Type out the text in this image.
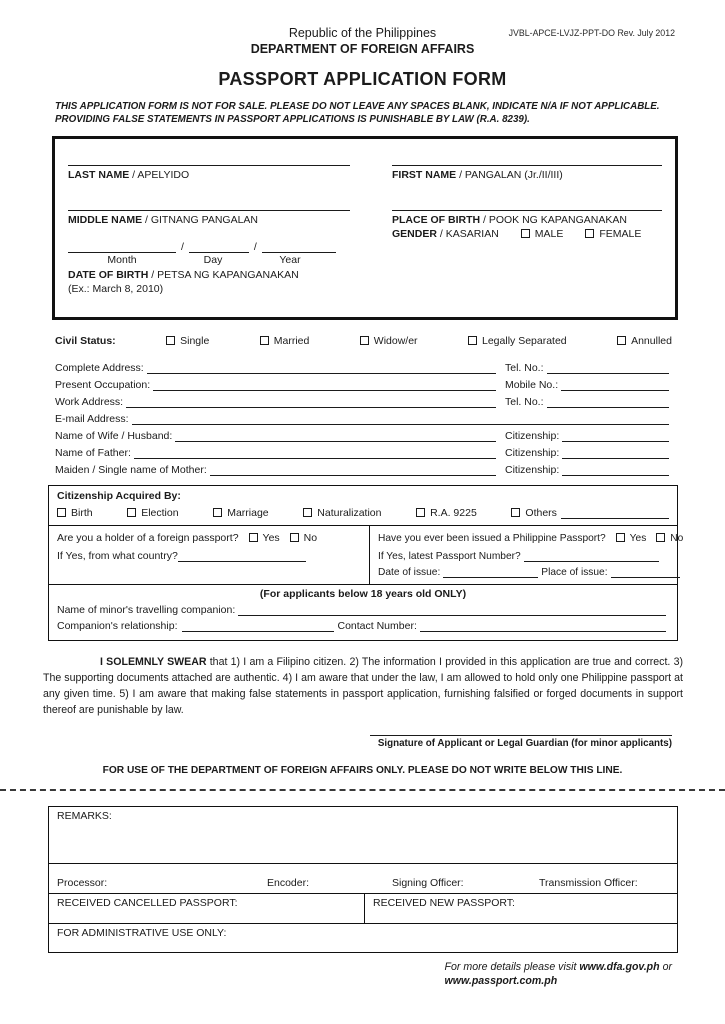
Republic of the Philippines	JVBL-APCE-LVJZ-PPT-DO Rev. July 2012
DEPARTMENT OF FOREIGN AFFAIRS
PASSPORT APPLICATION FORM
THIS APPLICATION FORM IS NOT FOR SALE. PLEASE DO NOT LEAVE ANY SPACES BLANK, INDICATE N/A IF NOT APPLICABLE. PROVIDING FALSE STATEMENTS IN PASSPORT APPLICATIONS IS PUNISHABLE BY LAW (R.A. 8239).
LAST NAME / APELYIDO
MIDDLE NAME / GITNANG PANGALAN
/	/
Month	Day	Year
DATE OF BIRTH / PETSA NG KAPANGANAKAN
(Ex.: March 8, 2010)
FIRST NAME / PANGALAN (Jr./II/III)
PLACE OF BIRTH / POOK NG KAPANGANAKAN
GENDER / KASARIAN	MALE	FEMALE
Civil Status:	Single	Married	Widow/er	Legally Separated	Annulled
Complete Address:	Tel. No.:
Present Occupation:	Mobile No.:
Work Address:	Tel. No.:
E-mail Address:
Name of Wife / Husband:	Citizenship:
Name of Father:	Citizenship:
Maiden / Single name of Mother:	Citizenship:
Citizenship Acquired By:
Birth	Election	Marriage	Naturalization	R.A. 9225	Others
Are you a holder of a foreign passport?	Yes	No
If Yes, from what country?
Have you ever been issued a Philippine Passport?	Yes	No
If Yes, latest Passport Number?
Date of issue:	Place of issue:
(For applicants below 18 years old ONLY)
Name of minor's travelling companion:
Companion's relationship:	Contact Number:
I SOLEMNLY SWEAR that 1) I am a Filipino citizen. 2) The information I provided in this application are true and correct. 3) The supporting documents attached are authentic. 4) I am aware that under the law, I am allowed to hold only one Philippine passport at any given time. 5) I am aware that making false statements in passport application, furnishing falsified or forged documents in support thereof are punishable by law.
Signature of Applicant or Legal Guardian (for minor applicants)
FOR USE OF THE DEPARTMENT OF FOREIGN AFFAIRS ONLY. PLEASE DO NOT WRITE BELOW THIS LINE.
REMARKS:
Processor:	Encoder:	Signing Officer:	Transmission Officer:
RECEIVED CANCELLED PASSPORT:	RECEIVED NEW PASSPORT:
FOR ADMINISTRATIVE USE ONLY:
For more details please visit www.dfa.gov.ph or
www.passport.com.ph
